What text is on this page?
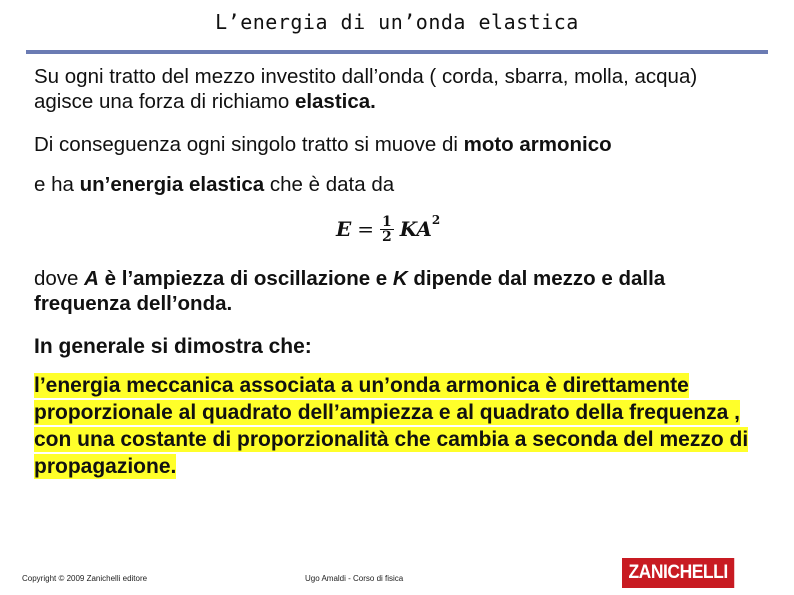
L’energia di un’onda elastica
Su ogni tratto del mezzo investito dall’onda ( corda, sbarra, molla, acqua) agisce una forza di richiamo elastica.
Di conseguenza ogni singolo tratto si muove di moto armonico
e ha un’energia elastica che è data da
$E = \frac{1}{2} KA^2$
dove A è l’ampiezza di oscillazione e K dipende dal mezzo e dalla frequenza dell’onda.
In generale si dimostra che:
l’energia meccanica associata a un’onda armonica è direttamente proporzionale al quadrato dell’ampiezza e al quadrato della frequenza , con una costante di proporzionalità che cambia a seconda del mezzo di propagazione.
Copyright © 2009 Zanichelli editore	Ugo Amaldi - Corso di fisica	ZANICHELLI
